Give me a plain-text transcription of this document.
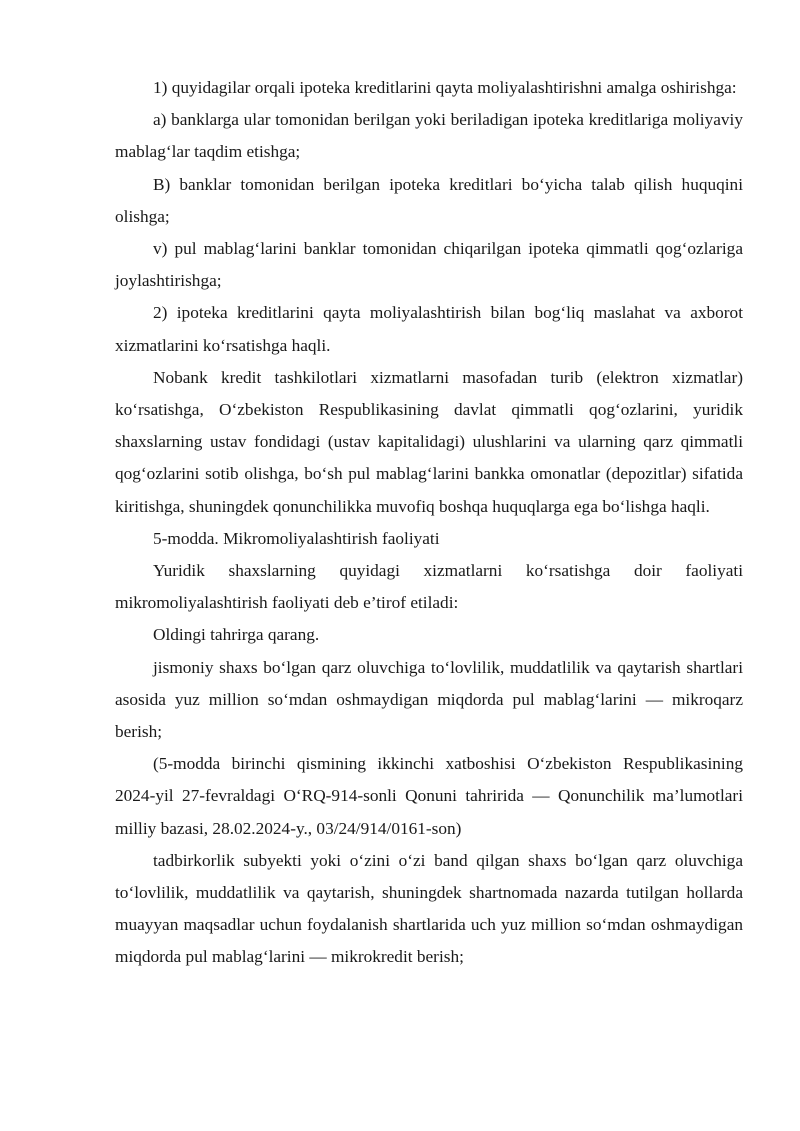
1) quyidagilar orqali ipoteka kreditlarini qayta moliyalashtirishni amalga oshirishga:

a) banklarga ular tomonidan berilgan yoki beriladigan ipoteka kreditlariga moliyaviy mablag‘lar taqdim etishga;

B) banklar tomonidan berilgan ipoteka kreditlari bo‘yicha talab qilish huquqini olishga;

v) pul mablag‘larini banklar tomonidan chiqarilgan ipoteka qimmatli qog‘ozlariga joylashtirishga;

2) ipoteka kreditlarini qayta moliyalashtirish bilan bog‘liq maslahat va axborot xizmatlarini ko‘rsatishga haqli.

Nobank kredit tashkilotlari xizmatlarni masofadan turib (elektron xizmatlar) ko‘rsatishga, O‘zbekiston Respublikasining davlat qimmatli qog‘ozlarini, yuridik shaxslarning ustav fondidagi (ustav kapitalidagi) ulushlarini va ularning qarz qimmatli qog‘ozlarini sotib olishga, bo‘sh pul mablag‘larini bankka omonatlar (depozitlar) sifatida kiritishga, shuningdek qonunchilikka muvofiq boshqa huquqlarga ega bo‘lishga haqli.

5-modda. Mikromoliyalashtirish faoliyati

Yuridik shaxslarning quyidagi xizmatlarni ko‘rsatishga doir faoliyati mikromoliyalashtirish faoliyati deb e’tirof etiladi:

Oldingi tahrirga qarang.

jismoniy shaxs bo‘lgan qarz oluvchiga to‘lovlilik, muddatlilik va qaytarish shartlari asosida yuz million so‘mdan oshmaydigan miqdorda pul mablag‘larini — mikroqarz berish;

(5-modda birinchi qismining ikkinchi xatboshisi O‘zbekiston Respublikasining 2024-yil 27-fevraldagi O‘RQ-914-sonli Qonuni tahririda — Qonunchilik ma’lumotlari milliy bazasi, 28.02.2024-y., 03/24/914/0161-son)

tadbirkorlik subyekti yoki o‘zini o‘zi band qilgan shaxs bo‘lgan qarz oluvchiga to‘lovlilik, muddatlilik va qaytarish, shuningdek shartnomada nazarda tutilgan hollarda muayyan maqsadlar uchun foydalanish shartlarida uch yuz million so‘mdan oshmaydigan miqdorda pul mablag‘larini — mikrokredit berish;
